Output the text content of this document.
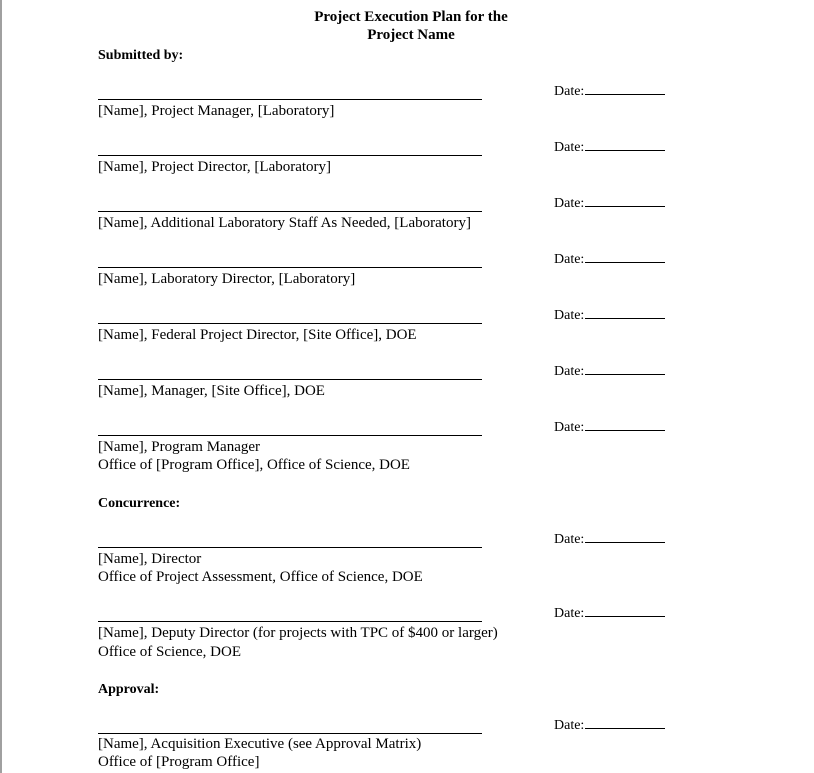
Project Execution Plan for the
Project Name
Submitted by:
Date:
[Name], Project Manager, [Laboratory]
Date:
[Name], Project Director, [Laboratory]
Date:
[Name], Additional Laboratory Staff As Needed, [Laboratory]
Date:
[Name], Laboratory Director, [Laboratory]
Date:
[Name], Federal Project Director, [Site Office], DOE
Date:
[Name], Manager, [Site Office], DOE
Date:
[Name], Program Manager
Office of [Program Office], Office of Science, DOE
Concurrence:
Date:
[Name], Director
Office of Project Assessment, Office of Science, DOE
Date:
[Name], Deputy Director (for projects with TPC of $400 or larger)
Office of Science, DOE
Approval:
Date:
[Name], Acquisition Executive (see Approval Matrix)
Office of [Program Office]
